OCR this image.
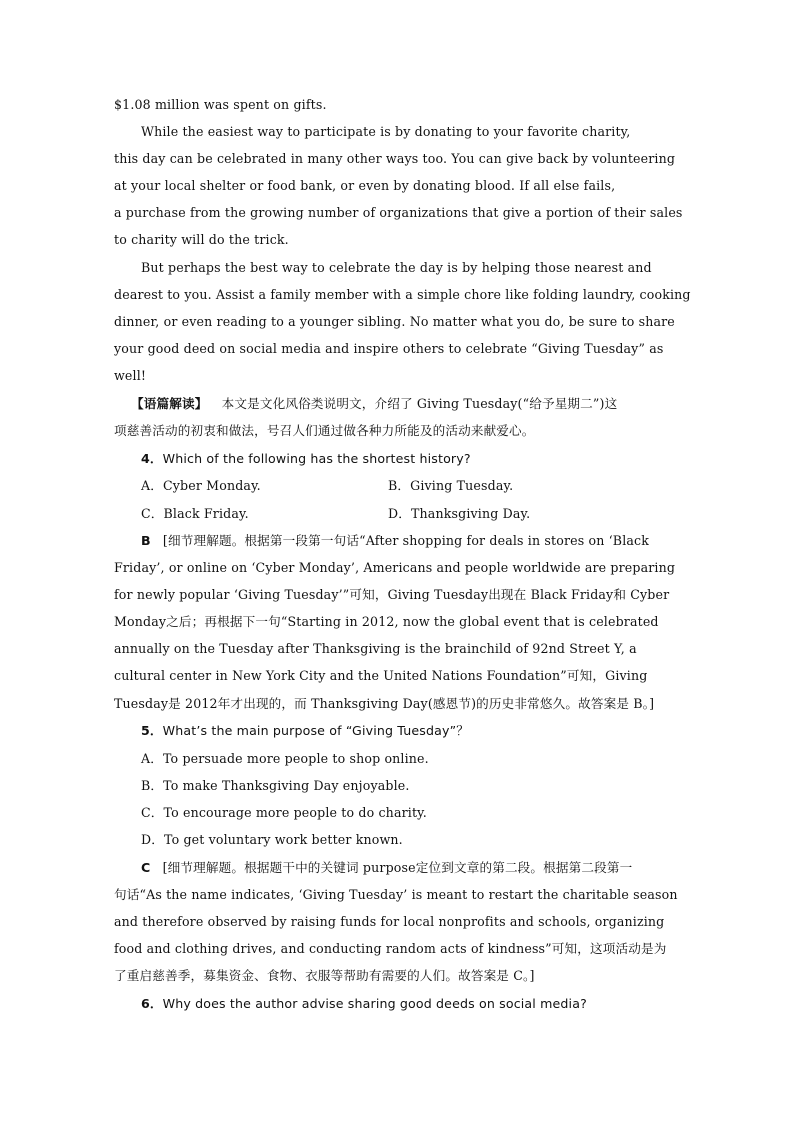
$1.08 million was spent on gifts.
While the easiest way to participate is by donating to your favorite charity,
this day can be celebrated in many other ways too. You can give back by volunteering
at your local shelter or food bank, or even by donating blood. If all else fails,
a purchase from the growing number of organizations that give a portion of their sales
to charity will do the trick.
But perhaps the best way to celebrate the day is by helping those nearest and
dearest to you. Assist a family member with a simple chore like folding laundry, cooking
dinner, or even reading to a younger sibling. No matter what you do, be sure to share
your good deed on social media and inspire others to celebrate “Giving Tuesday” as
well!
【语篇解读】 本文是文化风俗类说明文，介绍了 Giving Tuesday(“给予星期二”)这
项慈善活动的初衷和做法，号召人们通过做各种力所能及的活动来献爱心。
4．Which of the following has the shortest history?
A．Cyber Monday.	B．Giving Tuesday.
C．Black Friday.	D．Thanksgiving Day.
B [细节理解题。根据第一段第一句话“After shopping for deals in stores on ‘Black
Friday’, or online on ‘Cyber Monday’, Americans and people worldwide are preparing
for newly popular ‘Giving Tuesday’”可知，Giving Tuesday出现在 Black Friday和 Cyber
Monday之后；再根据下一句“Starting in 2012, now the global event that is celebrated
annually on the Tuesday after Thanksgiving is the brainchild of 92nd Street Y, a
cultural center in New York City and the United Nations Foundation”可知，Giving
Tuesday是 2012年才出现的，而 Thanksgiving Day(感恩节)的历史非常悠久。故答案是 B。]
5．What’s the main purpose of “Giving Tuesday”？
A．To persuade more people to shop online.
B．To make Thanksgiving Day enjoyable.
C．To encourage more people to do charity.
D．To get voluntary work better known.
C [细节理解题。根据题干中的关键词 purpose定位到文章的第二段。根据第二段第一
句话“As the name indicates, ‘Giving Tuesday’ is meant to restart the charitable season
and therefore observed by raising funds for local nonprofits and schools, organizing
food and clothing drives, and conducting random acts of kindness”可知，这项活动是为
了重启慈善季，募集资金、食物、衣服等帮助有需要的人们。故答案是 C。]
6．Why does the author advise sharing good deeds on social media?
